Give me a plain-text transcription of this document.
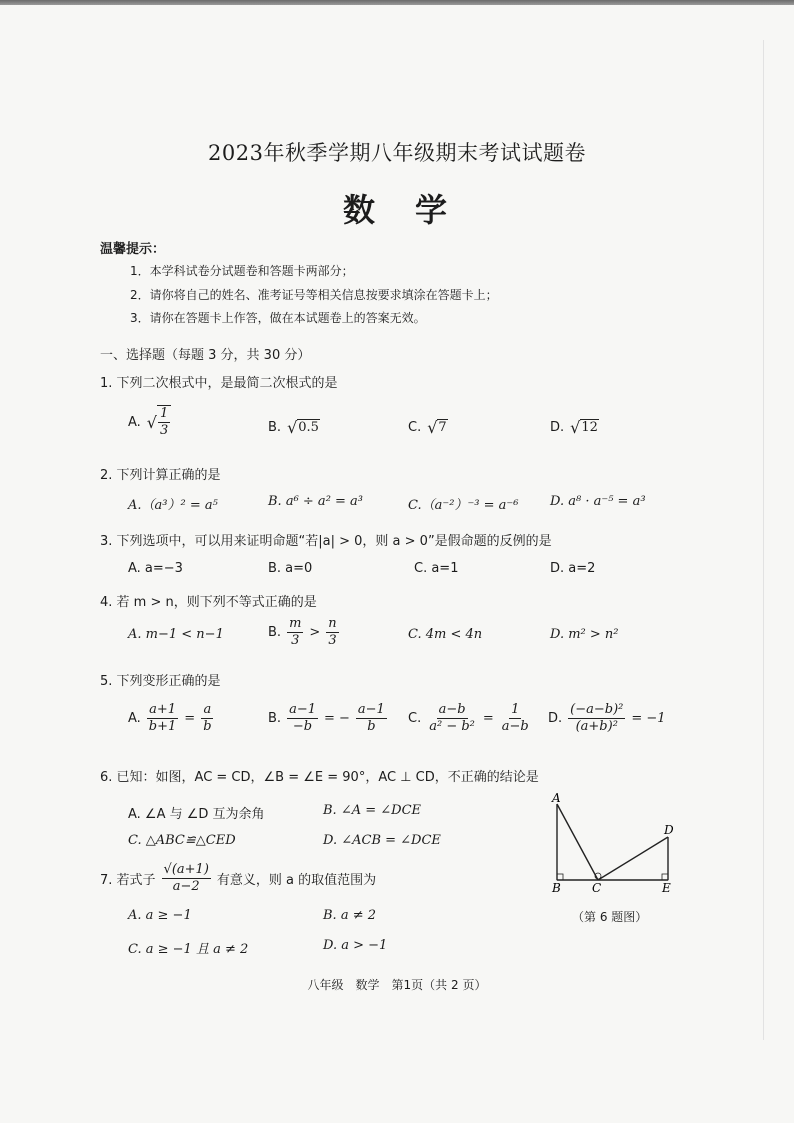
2023年秋季学期八年级期末考试试题卷
数　学
温馨提示：
1．本学科试卷分试题卷和答题卡两部分；
2．请你将自己的姓名、准考证号等相关信息按要求填涂在答题卡上；
3．请你在答题卡上作答，做在本试题卷上的答案无效。
一、选择题（每题 3 分，共 30 分）
1. 下列二次根式中，是最简二次根式的是
A. √ $\frac{1}{3}$	B. √ 0.5	C. √ 7	D. √ 12
2. 下列计算正确的是
A.（a³）² = a⁵	B. a⁶ ÷ a² = a³	C.（a⁻²）⁻³ = a⁻⁶ D. a⁸ · a⁻⁵ = a³
3. 下列选项中，可以用来证明命题“若|a| > 0，则 a > 0”是假命题的反例的是
A. a=−3	B. a=0	C. a=1	D. a=2
4. 若 m > n，则下列不等式正确的是
A. m−1 < n−1	B. $\frac{m}{3} > \frac{n}{3}$	C. 4m < 4n	D. m² > n²
5. 下列变形正确的是
A. $\frac{a+1}{b+1} = \frac{a}{b}$	B. $\frac{a-1}{-b}$ = − $\frac{a-1}{b} C$. $\frac{a-b}{\text{a² − b²}} = \frac{1}{a-b} D$. $\frac{\text{(−a−b)²}}{\text{(a+b)²}} = -1$
6. 已知：如图，AC = CD，∠B = ∠E = 90°，AC ⊥ CD，不正确的结论是
A. ∠A 与 ∠D 互为余角	B. ∠A = ∠DCE
C. △ABC≌△CED	D. ∠ACB = ∠DCE
A
B	C
D
E
（第 6 题图）
7. 若式子 $\frac{√(a+1)}{a-2}$ 有意义，则 a 的取值范围为
A. a ≥ −1	B. a ≠ 2
C. a ≥ −1 且 a ≠ 2	D. a > −1
八年级　数学　第1页（共 2 页）
